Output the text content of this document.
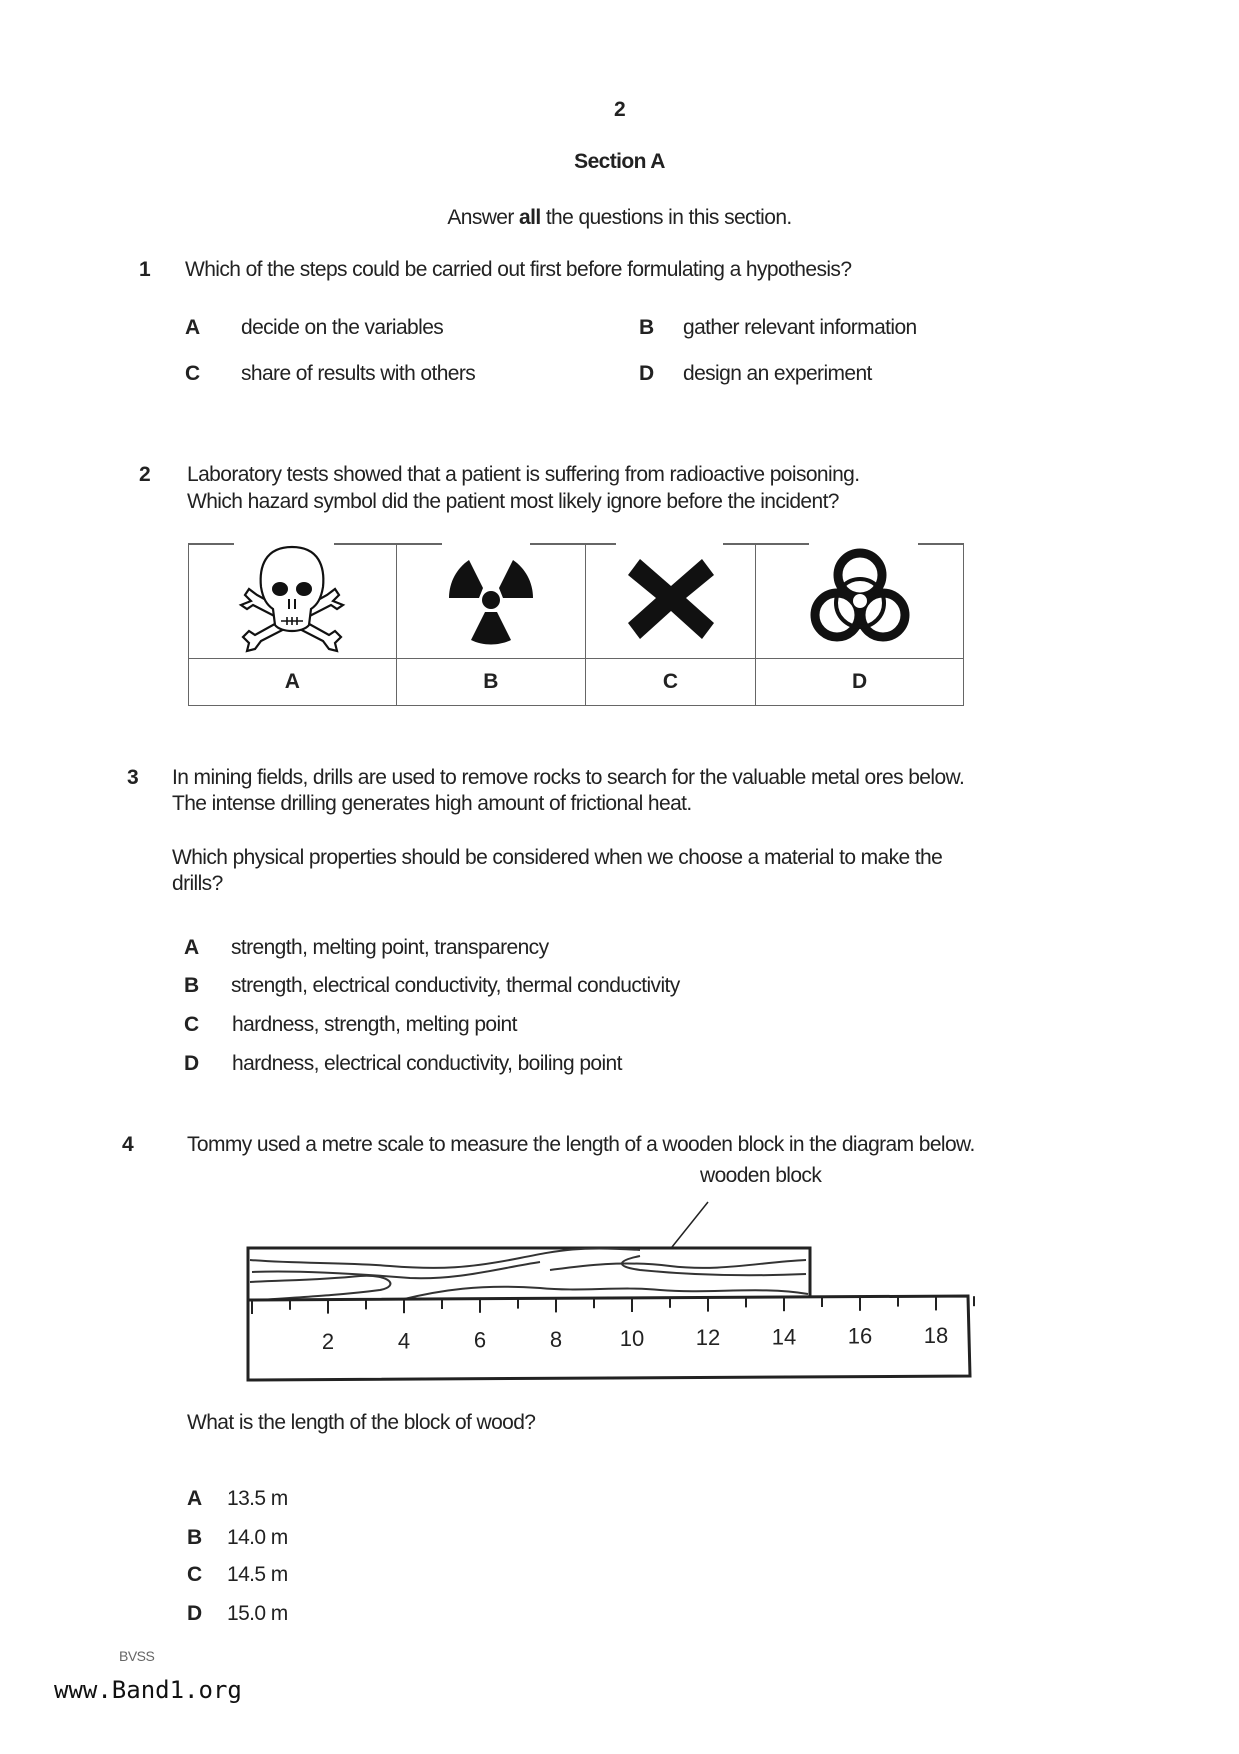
2
Section A
Answer all the questions in this section.
1 Which of the steps could be carried out first before formulating a hypothesis?
A decide on the variables	B gather relevant information
C share of results with others	D design an experiment
2 Laboratory tests showed that a patient is suffering from radioactive poisoning.
Which hazard symbol did the patient most likely ignore before the incident?

A	B	C	D
3 In mining fields, drills are used to remove rocks to search for the valuable metal ores below.
The intense drilling generates high amount of frictional heat.
Which physical properties should be considered when we choose a material to make the
drills?
A strength, melting point, transparency
B strength, electrical conductivity, thermal conductivity
C hardness, strength, melting point
D hardness, electrical conductivity, boiling point
4	Tommy used a metre scale to measure the length of a wooden block in the diagram below.
wooden block
2	4	6	8	10 12 14 16 18
What is the length of the block of wood?
A 13.5 m
B 14.0 m
C 14.5 m
D 15.0 m
BVSS
www.Band1.org
